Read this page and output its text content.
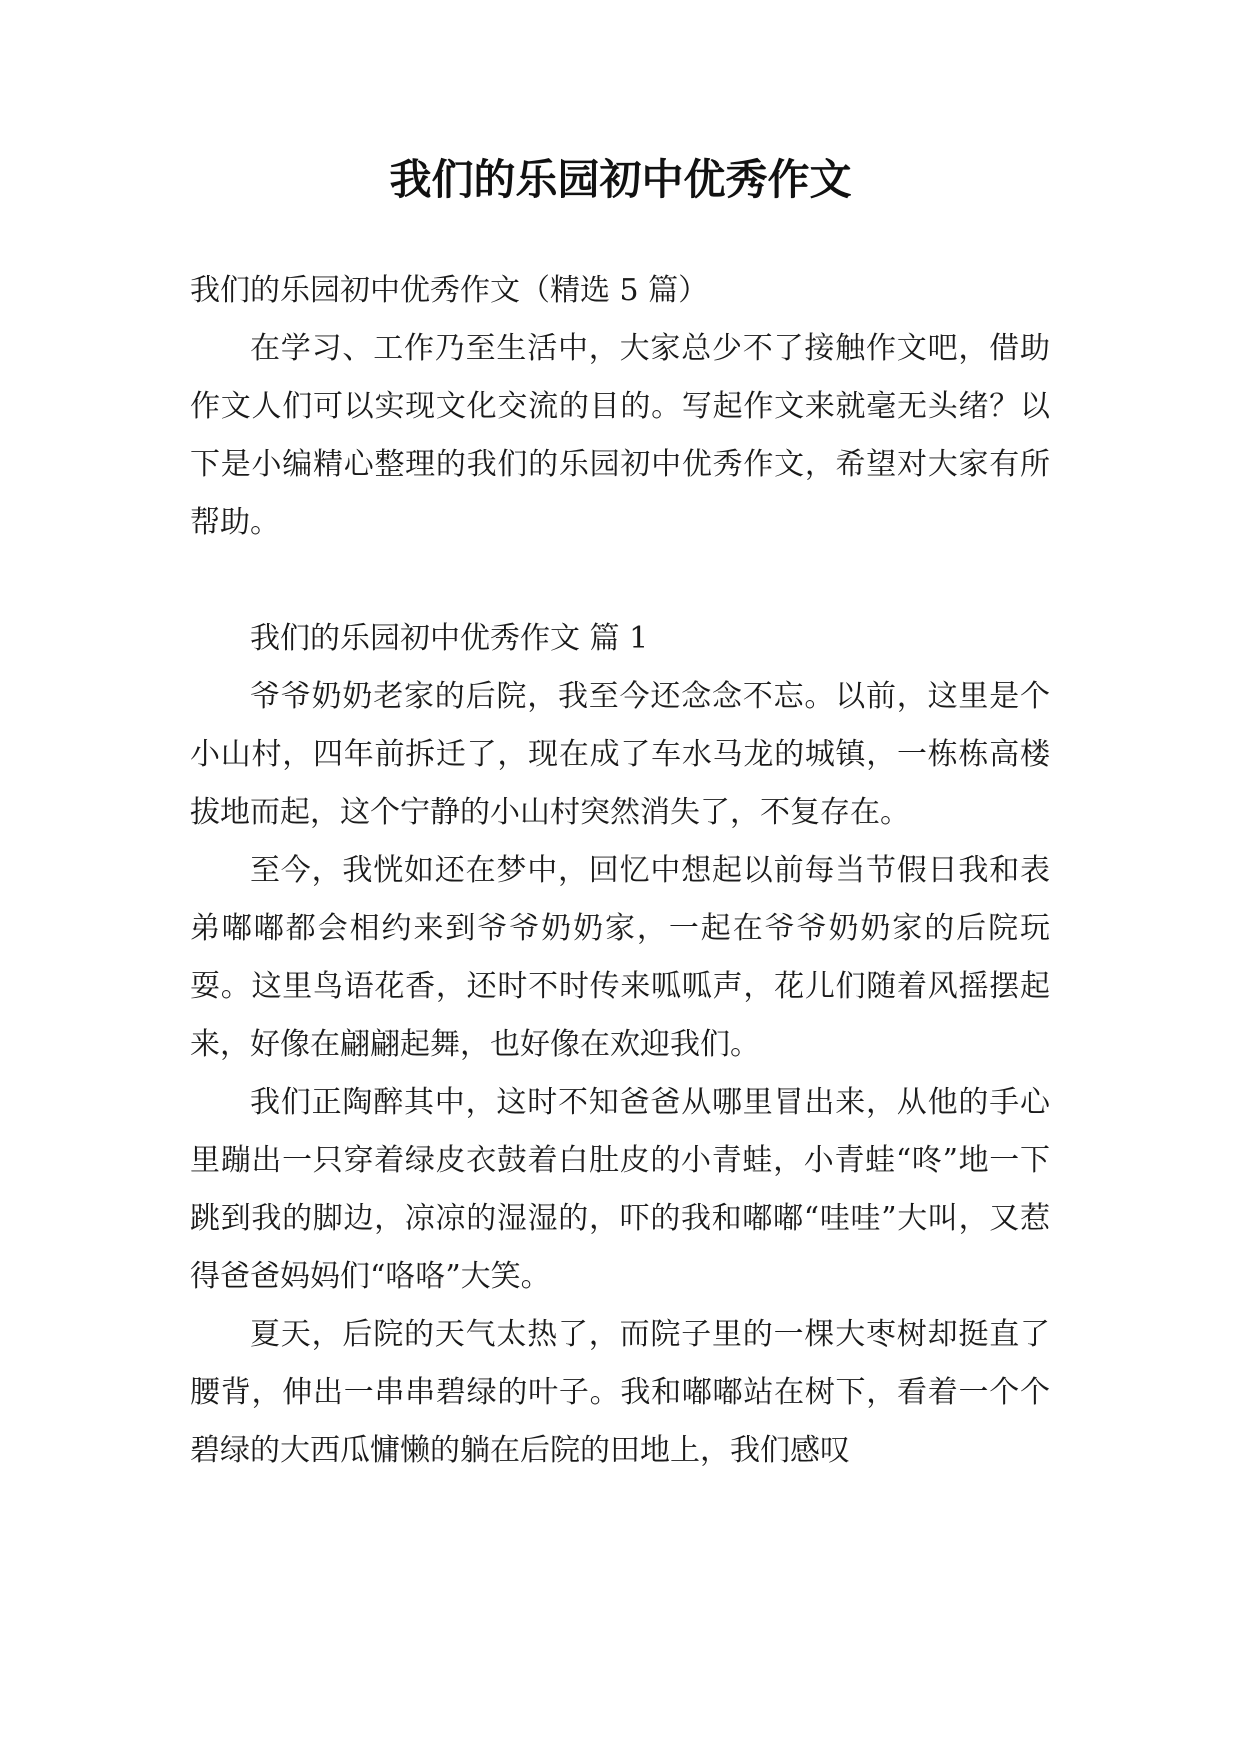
我们的乐园初中优秀作文

我们的乐园初中优秀作文（精选 5 篇）

在学习、工作乃至生活中，大家总少不了接触作文吧，借助作文人们可以实现文化交流的目的。写起作文来就毫无头绪？以下是小编精心整理的我们的乐园初中优秀作文，希望对大家有所帮助。

我们的乐园初中优秀作文 篇 1

爷爷奶奶老家的后院，我至今还念念不忘。以前，这里是个小山村，四年前拆迁了，现在成了车水马龙的城镇，一栋栋高楼拔地而起，这个宁静的小山村突然消失了，不复存在。

至今，我恍如还在梦中，回忆中想起以前每当节假日我和表弟嘟嘟都会相约来到爷爷奶奶家，一起在爷爷奶奶家的后院玩耍。这里鸟语花香，还时不时传来呱呱声，花儿们随着风摇摆起来，好像在翩翩起舞，也好像在欢迎我们。

我们正陶醉其中，这时不知爸爸从哪里冒出来，从他的手心里蹦出一只穿着绿皮衣鼓着白肚皮的小青蛙，小青蛙“咚”地一下跳到我的脚边，凉凉的湿湿的，吓的我和嘟嘟“哇哇”大叫，又惹得爸爸妈妈们“咯咯”大笑。

夏天，后院的天气太热了，而院子里的一棵大枣树却挺直了腰背，伸出一串串碧绿的叶子。我和嘟嘟站在树下，看着一个个碧绿的大西瓜慵懒的躺在后院的田地上，我们感叹
